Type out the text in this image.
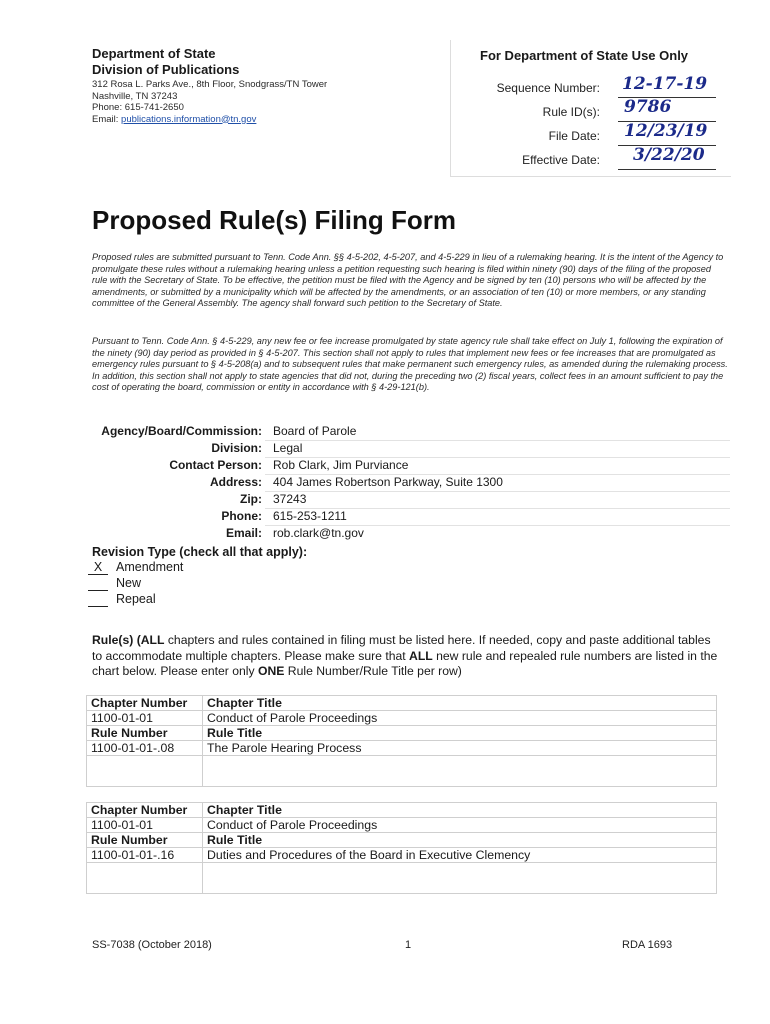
Department of State
Division of Publications
312 Rosa L. Parks Ave., 8th Floor, Snodgrass/TN Tower
Nashville, TN 37243
Phone: 615-741-2650
Email: publications.information@tn.gov
For Department of State Use Only
Sequence Number: 12-17-19
Rule ID(s): 9786
File Date: 12/23/19
Effective Date: 3/22/20
Proposed Rule(s) Filing Form
Proposed rules are submitted pursuant to Tenn. Code Ann. §§ 4-5-202, 4-5-207, and 4-5-229 in lieu of a rulemaking hearing. It is the intent of the Agency to promulgate these rules without a rulemaking hearing unless a petition requesting such hearing is filed within ninety (90) days of the filing of the proposed rule with the Secretary of State. To be effective, the petition must be filed with the Agency and be signed by ten (10) persons who will be affected by the amendments, or submitted by a municipality which will be affected by the amendments, or an association of ten (10) or more members, or any standing committee of the General Assembly. The agency shall forward such petition to the Secretary of State.
Pursuant to Tenn. Code Ann. § 4-5-229, any new fee or fee increase promulgated by state agency rule shall take effect on July 1, following the expiration of the ninety (90) day period as provided in § 4-5-207. This section shall not apply to rules that implement new fees or fee increases that are promulgated as emergency rules pursuant to § 4-5-208(a) and to subsequent rules that make permanent such emergency rules, as amended during the rulemaking process. In addition, this section shall not apply to state agencies that did not, during the preceding two (2) fiscal years, collect fees in an amount sufficient to pay the cost of operating the board, commission or entity in accordance with § 4-29-121(b).
Agency/Board/Commission: Board of Parole
Division: Legal
Contact Person: Rob Clark, Jim Purviance
Address: 404 James Robertson Parkway, Suite 1300
Zip: 37243
Phone: 615-253-1211
Email: rob.clark@tn.gov
Revision Type (check all that apply):
X Amendment
New
Repeal
Rule(s) (ALL chapters and rules contained in filing must be listed here. If needed, copy and paste additional tables to accommodate multiple chapters. Please make sure that ALL new rule and repealed rule numbers are listed in the chart below. Please enter only ONE Rule Number/Rule Title per row)
Chapter Number	Chapter Title
1100-01-01	Conduct of Parole Proceedings
Rule Number	Rule Title
1100-01-01-.08	The Parole Hearing Process

Chapter Number	Chapter Title
1100-01-01	Conduct of Parole Proceedings
Rule Number	Rule Title
1100-01-01-.16	Duties and Procedures of the Board in Executive Clemency

SS-7038 (October 2018)	1	RDA 1693
